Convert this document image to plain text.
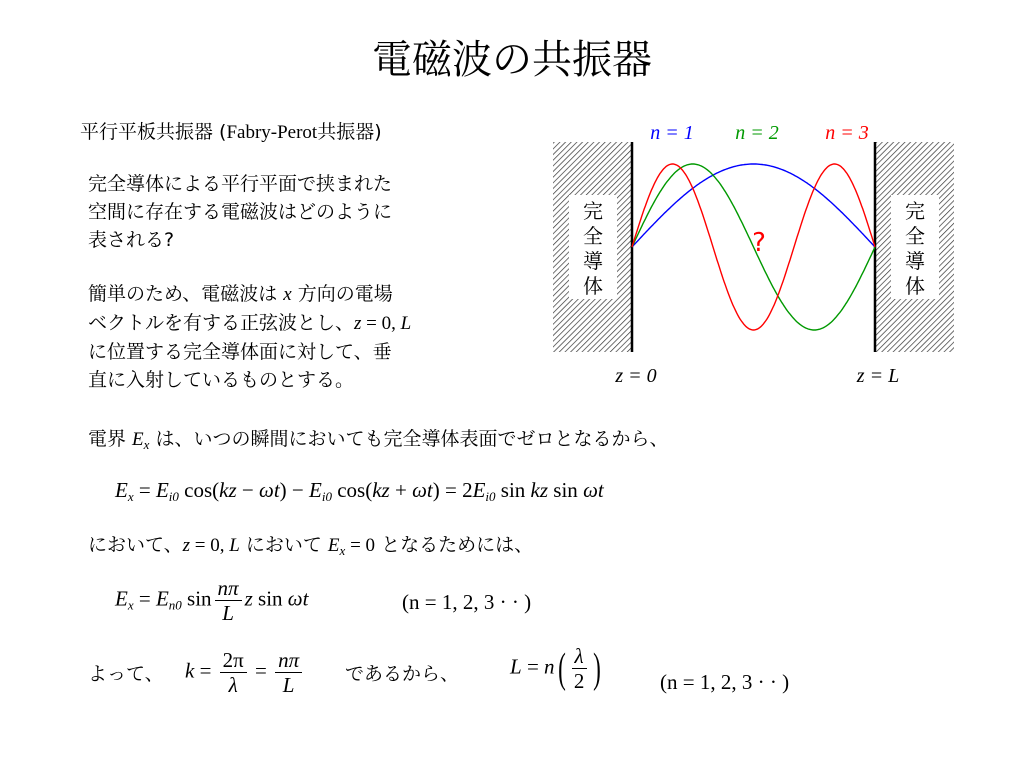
電磁波の共振器
平行平板共振器 (Fabry-Perot共振器)
完全導体による平行平面で挟まれた
空間に存在する電磁波はどのように
表される?
簡単のため、電磁波は x 方向の電場
ベクトルを有する正弦波とし、z = 0, L
に位置する完全導体面に対して、垂
直に入射しているものとする。
完
全
導
体
完
全
導
体
n = 1 n = 2 n = 3
?
z = 0	z = L
電界 $E_x$ は、いつの瞬間においても完全導体表面でゼロとなるから、
$E_x = E_{i0}$ $\cos(kz - \omega t) - E_{i0}$ $\cos(kz + \omega t) = 2E_{i0}$ sin kz sin ωt
において、z = 0, L において $E_x = 0$ となるためには、
$E_x = E_{n0}$ $\sin \frac{n\pi}{L}$ z sin ωt	(n = 1, 2, 3 · · )
よって、 $k = \frac{2\pi}{\lambda} = \frac{n\pi}{L}$ であるから、 $L = n( \frac{\lambda}{2}$ )	(n = 1, 2, 3 · · )
